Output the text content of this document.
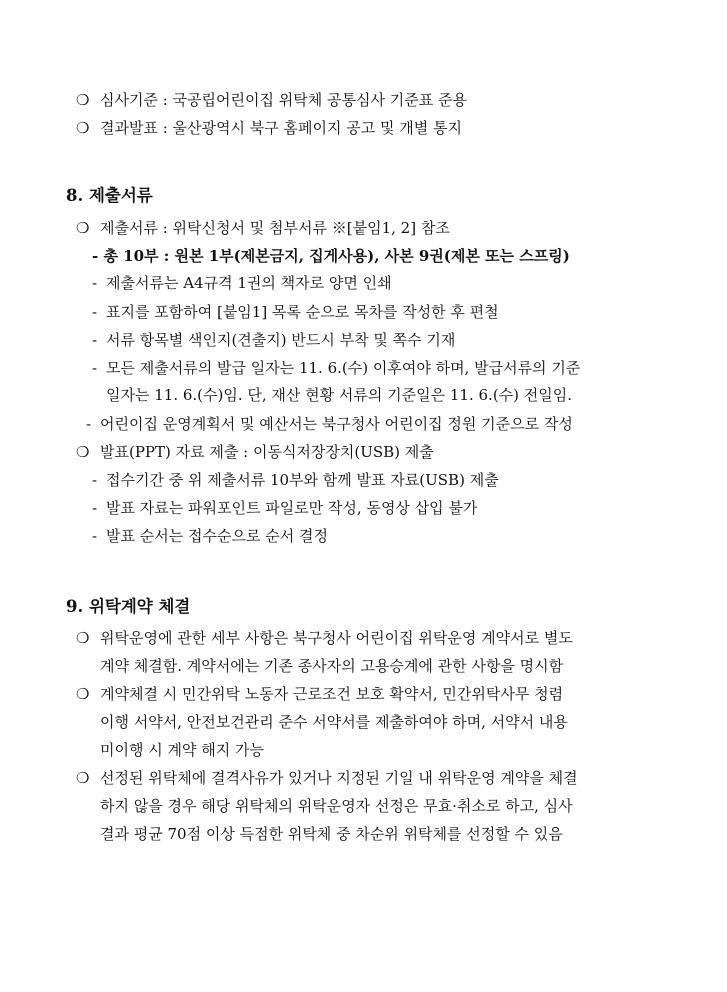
❍ 심사기준 : 국공립어린이집 위탁체 공통심사 기준표 준용
❍ 결과발표 : 울산광역시 북구 홈페이지 공고 및 개별 통지
8. 제출서류
❍ 제출서류 : 위탁신청서 및 첨부서류 ※[붙임1, 2] 참조
- 총 10부 : 원본 1부(제본금지, 집게사용), 사본 9권(제본 또는 스프링)
- 제출서류는 A4규격 1권의 책자로 양면 인쇄
- 표지를 포함하여 [붙임1] 목록 순으로 목차를 작성한 후 편철
- 서류 항목별 색인지(견출지) 반드시 부착 및 쪽수 기재
- 모든 제출서류의 발급 일자는 11. 6.(수) 이후여야 하며, 발급서류의 기준
일자는 11. 6.(수)임. 단, 재산 현황 서류의 기준일은 11. 6.(수) 전일임.
- 어린이집 운영계획서 및 예산서는 북구청사 어린이집 정원 기준으로 작성
❍ 발표(PPT) 자료 제출 : 이동식저장장치(USB) 제출
- 접수기간 중 위 제출서류 10부와 함께 발표 자료(USB) 제출
- 발표 자료는 파워포인트 파일로만 작성, 동영상 삽입 불가
- 발표 순서는 접수순으로 순서 결정
9. 위탁계약 체결
❍ 위탁운영에 관한 세부 사항은 북구청사 어린이집 위탁운영 계약서로 별도
계약 체결함. 계약서에는 기존 종사자의 고용승계에 관한 사항을 명시함
❍ 계약체결 시 민간위탁 노동자 근로조건 보호 확약서, 민간위탁사무 청렴
이행 서약서, 안전보건관리 준수 서약서를 제출하여야 하며, 서약서 내용
미이행 시 계약 해지 가능
❍ 선정된 위탁체에 결격사유가 있거나 지정된 기일 내 위탁운영 계약을 체결
하지 않을 경우 해당 위탁체의 위탁운영자 선정은 무효·취소로 하고, 심사
결과 평균 70점 이상 득점한 위탁체 중 차순위 위탁체를 선정할 수 있음
